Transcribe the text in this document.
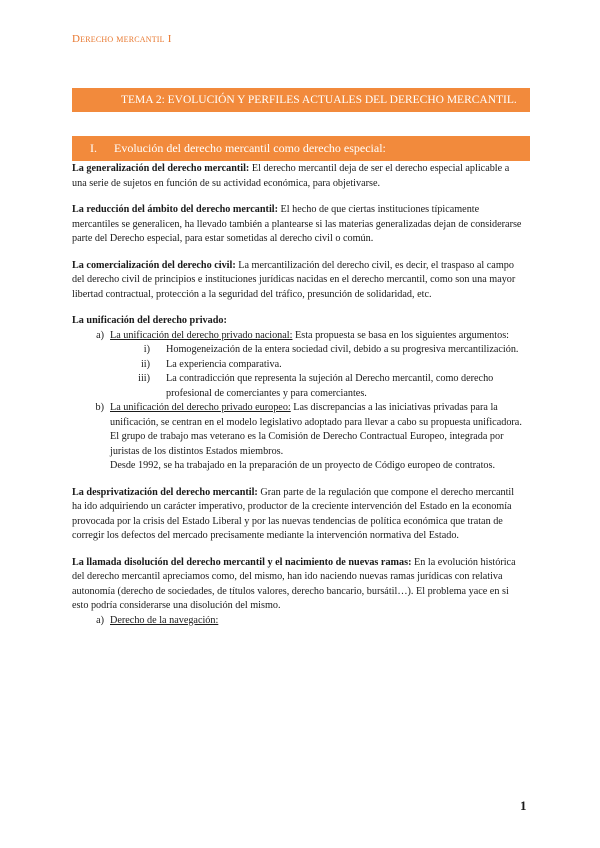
Derecho mercantil I
TEMA 2: EVOLUCIÓN Y PERFILES ACTUALES DEL DERECHO MERCANTIL.
I.	Evolución del derecho mercantil como derecho especial:

La generalización del derecho mercantil: El derecho mercantil deja de ser el derecho especial aplicable a una serie de sujetos en función de su actividad económica, para objetivarse.

La reducción del ámbito del derecho mercantil: El hecho de que ciertas instituciones típicamente mercantiles se generalicen, ha llevado también a plantearse si las materias generalizadas dejan de considerarse parte del Derecho especial, para estar sometidas al derecho civil o común.

La comercialización del derecho civil: La mercantilización del derecho civil, es decir, el traspaso al campo del derecho civil de principios e instituciones jurídicas nacidas en el derecho mercantil, como son una mayor libertad contractual, protección a la seguridad del tráfico, presunción de solidaridad, etc.

La unificación del derecho privado:
a) La unificación del derecho privado nacional: Esta propuesta se basa en los siguientes argumentos:
i)	Homogeneización de la entera sociedad civil, debido a su progresiva mercantilización.
ii)	La experiencia comparativa.
iii)	La contradicción que representa la sujeción al Derecho mercantil, como derecho profesional de comerciantes y para comerciantes.
b) La unificación del derecho privado europeo: Las discrepancias a las iniciativas privadas para la unificación, se centran en el modelo legislativo adoptado para llevar a cabo su propuesta unificadora.
El grupo de trabajo mas veterano es la Comisión de Derecho Contractual Europeo, integrada por juristas de los distintos Estados miembros.
Desde 1992, se ha trabajado en la preparación de un proyecto de Código europeo de contratos.

La desprivatización del derecho mercantil: Gran parte de la regulación que compone el derecho mercantil ha ido adquiriendo un carácter imperativo, productor de la creciente intervención del Estado en la economía provocada por la crisis del Estado Liberal y por las nuevas tendencias de política económica que tratan de corregir los defectos del mercado precisamente mediante la intervención normativa del Estado.

La llamada disolución del derecho mercantil y el nacimiento de nuevas ramas: En la evolución histórica del derecho mercantil apreciamos como, del mismo, han ido naciendo nuevas ramas jurídicas con relativa autonomía (derecho de sociedades, de títulos valores, derecho bancario, bursátil…). El problema yace en si esto podría considerarse una disolución del mismo.
a) Derecho de la navegación:
1
